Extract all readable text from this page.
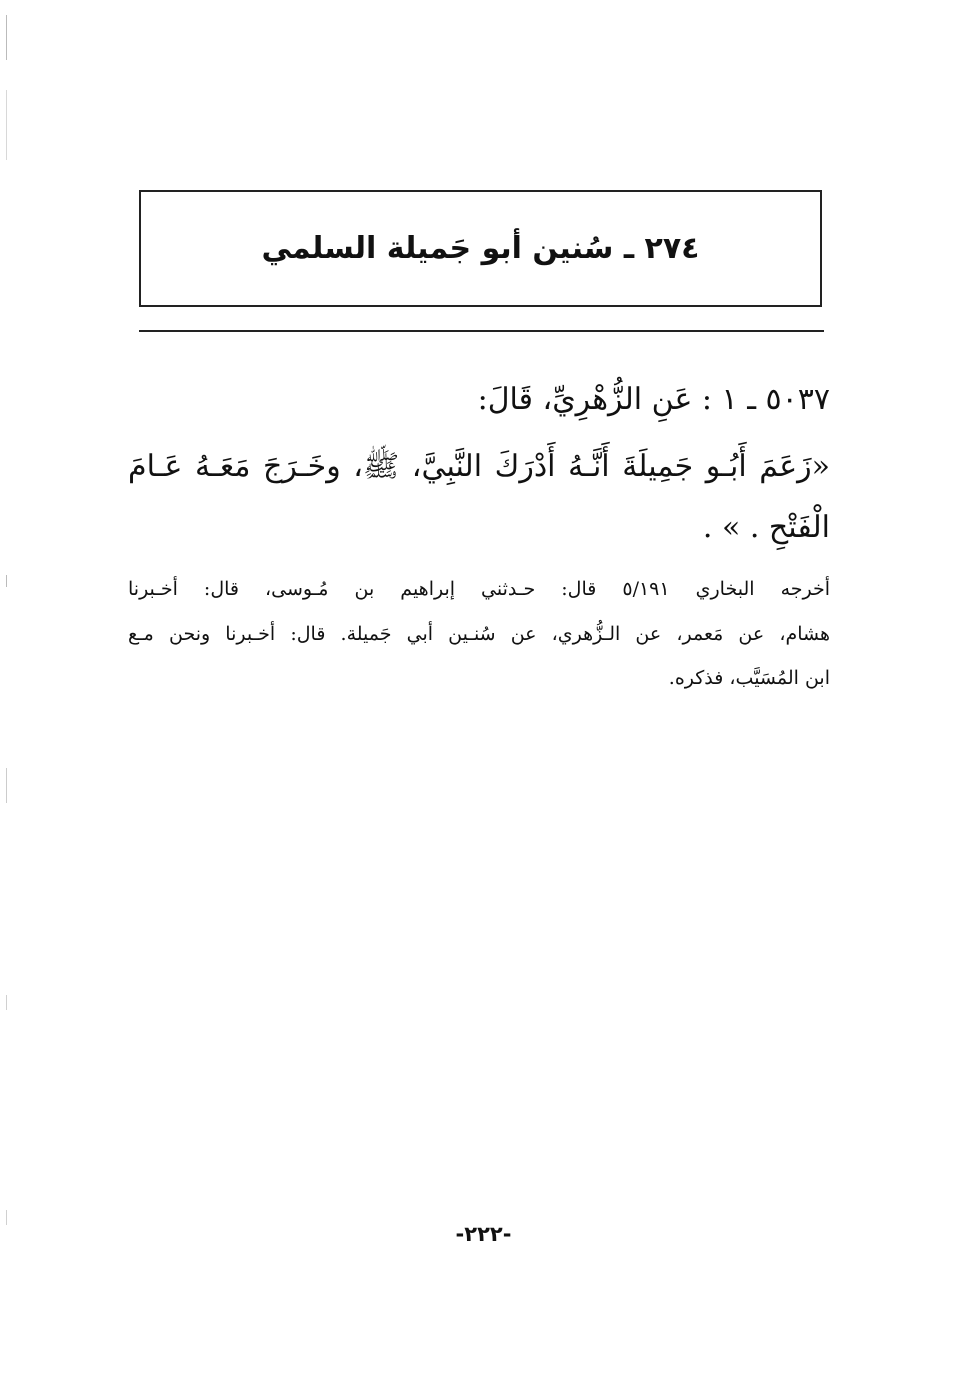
٢٧٤ ـ سُنين أبو جَميلة السلمي
٥٠٣٧ ـ ١ : عَنِ الزُّهْرِيِّ، قَالَ:
«زَعَمَ أَبُـو جَمِيلَةَ أَنَّـهُ أَدْرَكَ النَّبِيَّ، ﷺ، وخَـرَجَ مَعَـهُ عَـامَ
الْفَتْحِ . » .
أخرجه البخاري ٥/١٩١ قال: حـدثني إبراهيم بن مُـوسى، قال: أخـبرنا
هشام، عن مَعمر، عن الـزُّهري، عن سُنـين أبي جَميلة. قال: أخـبرنا ونحن مـع
ابن المُسَيَّب، فذكره.
-٢٢٢-
